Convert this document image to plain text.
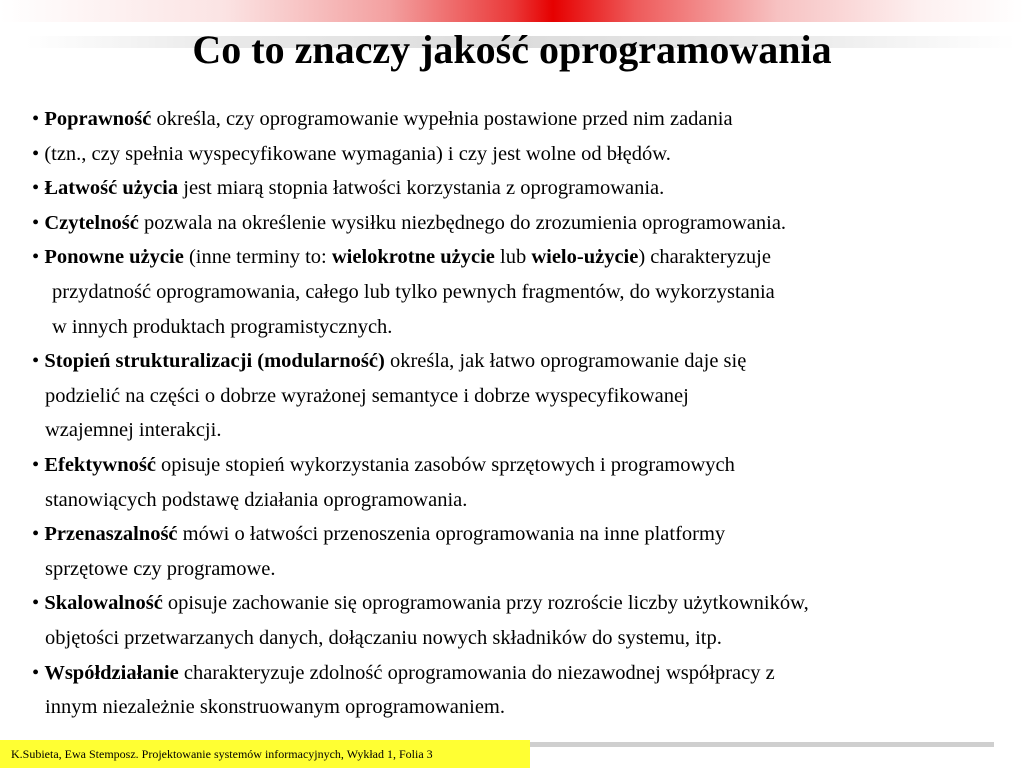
Co to znaczy jakość oprogramowania
• Poprawność określa, czy oprogramowanie wypełnia postawione przed nim zadania
• (tzn., czy spełnia wyspecyfikowane wymagania) i czy jest wolne od błędów.
• Łatwość użycia jest miarą stopnia łatwości korzystania z oprogramowania.
• Czytelność pozwala na określenie wysiłku niezbędnego do zrozumienia oprogramowania.
• Ponowne użycie (inne terminy to: wielokrotne użycie lub wielo-użycie) charakteryzuje
przydatność oprogramowania, całego lub tylko pewnych fragmentów, do wykorzystania
w innych produktach programistycznych.
• Stopień strukturalizacji (modularność) określa, jak łatwo oprogramowanie daje się
podzielić na części o dobrze wyrażonej semantyce i dobrze wyspecyfikowanej
wzajemnej interakcji.
• Efektywność opisuje stopień wykorzystania zasobów sprzętowych i programowych
stanowiących podstawę działania oprogramowania.
• Przenaszalność mówi o łatwości przenoszenia oprogramowania na inne platformy
sprzętowe czy programowe.
• Skalowalność opisuje zachowanie się oprogramowania przy rozroście liczby użytkowników,
objętości przetwarzanych danych, dołączaniu nowych składników do systemu, itp.
• Współdziałanie charakteryzuje zdolność oprogramowania do niezawodnej współpracy z
innym niezależnie skonstruowanym oprogramowaniem.
K.Subieta, Ewa Stemposz. Projektowanie systemów informacyjnych, Wykład 1, Folia 3
